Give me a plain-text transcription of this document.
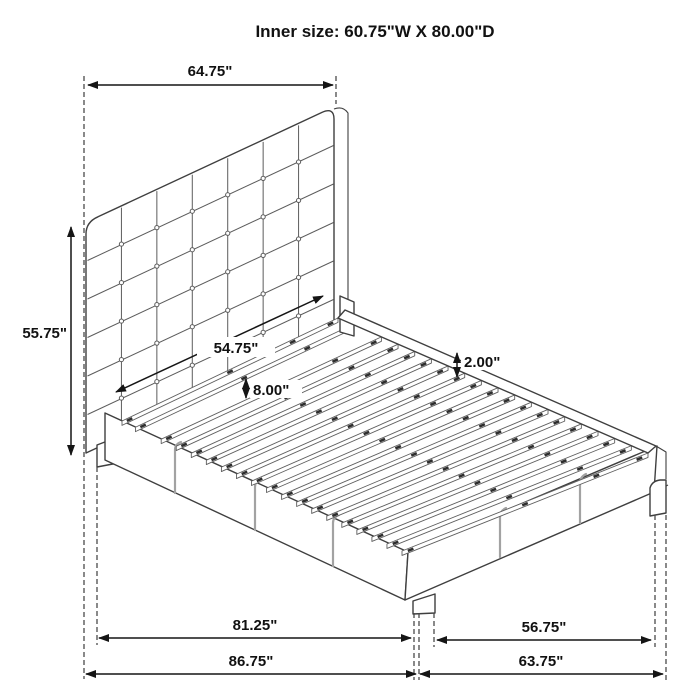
Inner size: 60.75"W X 80.00"D
64.75"
55.75"
54.75"
8.00"
2.00"
81.25"
86.75"
56.75"
63.75"
